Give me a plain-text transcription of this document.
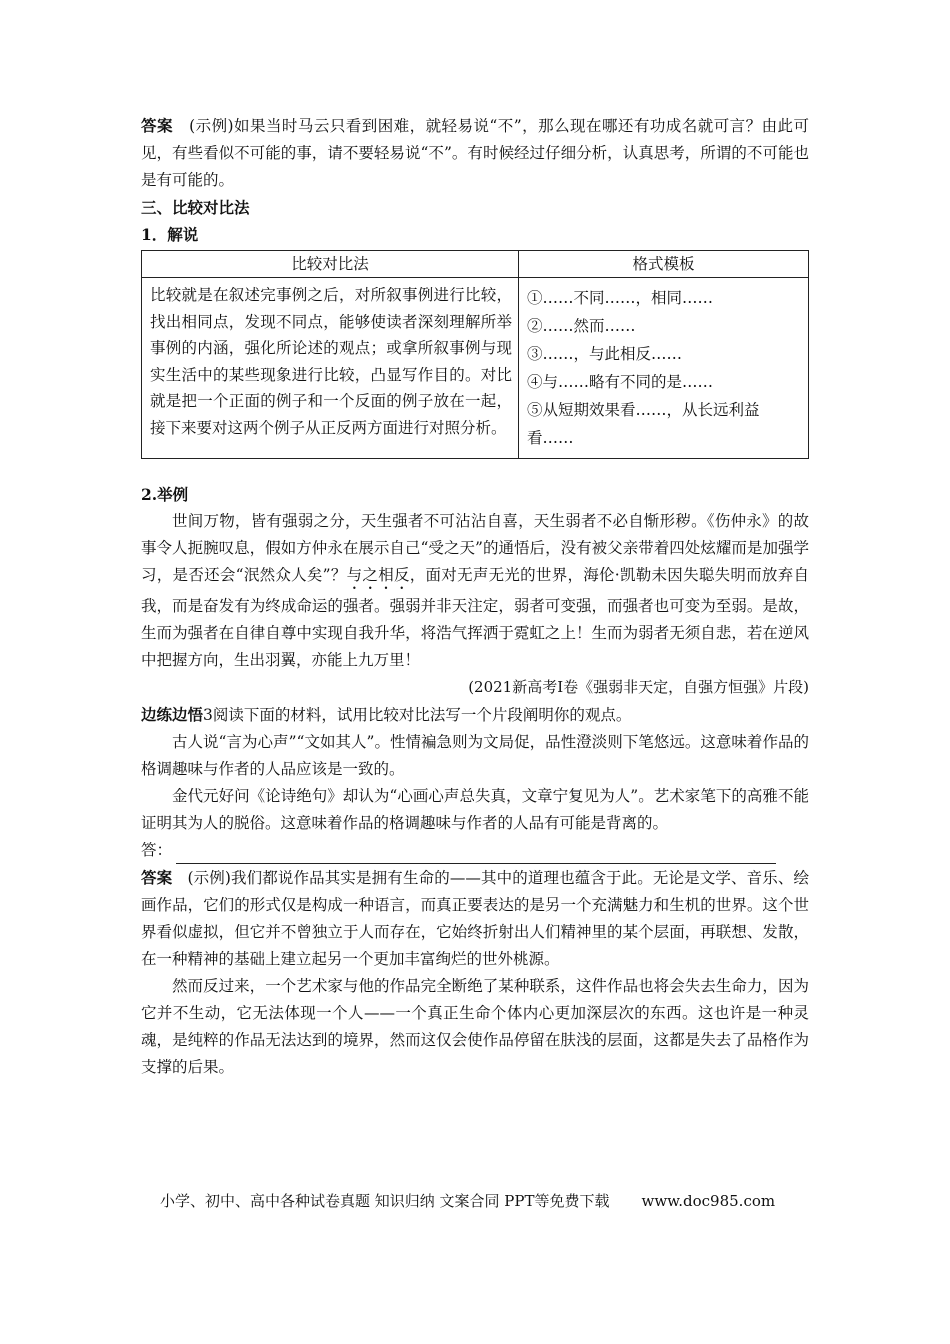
答案 (示例)如果当时马云只看到困难，就轻易说“不”，那么现在哪还有功成名就可言？由此可见，有些看似不可能的事，请不要轻易说“不”。有时候经过仔细分析，认真思考，所谓的不可能也是有可能的。

三、比较对比法

1．解说

比较对比法	格式模板
比较就是在叙述完事例之后，对所叙事例进行比较，找出相同点，发现不同点，能够使读者深刻理解所举事例的内涵，强化所论述的观点；或拿所叙事例与现实生活中的某些现象进行比较，凸显写作目的。对比就是把一个正面的例子和一个反面的例子放在一起，接下来要对这两个例子从正反两方面进行对照分析。	①……不同……，相同……
②……然而……
③……，与此相反……
④与……略有不同的是……
⑤从短期效果看……，从长远利益看……

2.举例

世间万物，皆有强弱之分，天生强者不可沾沾自喜，天生弱者不必自惭形秽。《伤仲永》的故事令人扼腕叹息，假如方仲永在展示自己“受之天”的通悟后，没有被父亲带着四处炫耀而是加强学习，是否还会“泯然众人矣”？与之相反，面对无声无光的世界，海伦·凯勒未因失聪失明而放弃自我，而是奋发有为终成命运的强者。强弱并非天注定，弱者可变强，而强者也可变为至弱。是故，生而为强者在自律自尊中实现自我升华，将浩气挥洒于霓虹之上！生而为弱者无须自悲，若在逆风中把握方向，生出羽翼，亦能上九万里！

(2021新高考Ⅰ卷《强弱非天定，自强方恒强》片段)

边练边悟3阅读下面的材料，试用比较对比法写一个片段阐明你的观点。

古人说“言为心声”“文如其人”。性情褊急则为文局促，品性澄淡则下笔悠远。这意味着作品的格调趣味与作者的人品应该是一致的。

金代元好问《论诗绝句》却认为“心画心声总失真，文章宁复见为人”。艺术家笔下的高雅不能证明其为人的脱俗。这意味着作品的格调趣味与作者的人品有可能是背离的。

答：

答案 (示例)我们都说作品其实是拥有生命的——其中的道理也蕴含于此。无论是文学、音乐、绘画作品，它们的形式仅是构成一种语言，而真正要表达的是另一个充满魅力和生机的世界。这个世界看似虚拟，但它并不曾独立于人而存在，它始终折射出人们精神里的某个层面，再联想、发散，在一种精神的基础上建立起另一个更加丰富绚烂的世外桃源。

然而反过来，一个艺术家与他的作品完全断绝了某种联系，这件作品也将会失去生命力，因为它并不生动，它无法体现一个人——一个真正生命个体内心更加深层次的东西。这也许是一种灵魂，是纯粹的作品无法达到的境界，然而这仅会使作品停留在肤浅的层面，这都是失去了品格作为支撑的后果。

小学、初中、高中各种试卷真题 知识归纳 文案合同 PPT等免费下载 www.doc985.com
